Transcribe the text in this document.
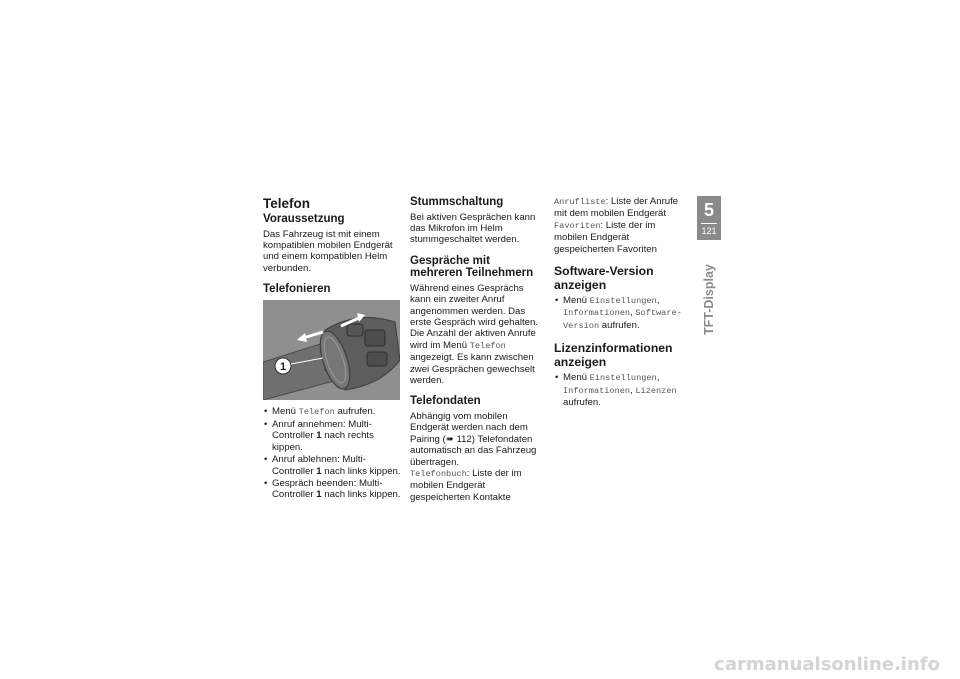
Telefon
Voraussetzung

Das Fahrzeug ist mit einem kompatiblen mobilen Endgerät und einem kompatiblen Helm verbunden.

Telefonieren
1
• Menü Telefon aufrufen.
• Anruf annehmen: Multi-Controller 1 nach rechts kippen.
• Anruf ablehnen: Multi-Controller 1 nach links kippen.
• Gespräch beenden: Multi-Controller 1 nach links kippen.
Stummschaltung

Bei aktiven Gesprächen kann das Mikrofon im Helm stummgeschaltet werden.

Gespräche mit mehreren Teilnehmern

Während eines Gesprächs kann ein zweiter Anruf angenommen werden. Das erste Gespräch wird gehalten. Die Anzahl der aktiven Anrufe wird im Menü Telefon angezeigt. Es kann zwischen zwei Gesprächen gewechselt werden.

Telefondaten

Abhängig vom mobilen Endgerät werden nach dem Pairing (➠ 112) Telefondaten automatisch an das Fahrzeug übertragen.

Telefonbuch: Liste der im mobilen Endgerät gespeicherten Kontakte

Anrufliste: Liste der Anrufe mit dem mobilen Endgerät

Favoriten: Liste der im mobilen Endgerät gespeicherten Favoriten

Software-Version anzeigen
• Menü Einstellungen, Informationen, Software-Version aufrufen.
Lizenzinformationen anzeigen
• Menü Einstellungen, Informationen, Lizenzen aufrufen.
5
121
TFT-Display
carmanualsonline.info
